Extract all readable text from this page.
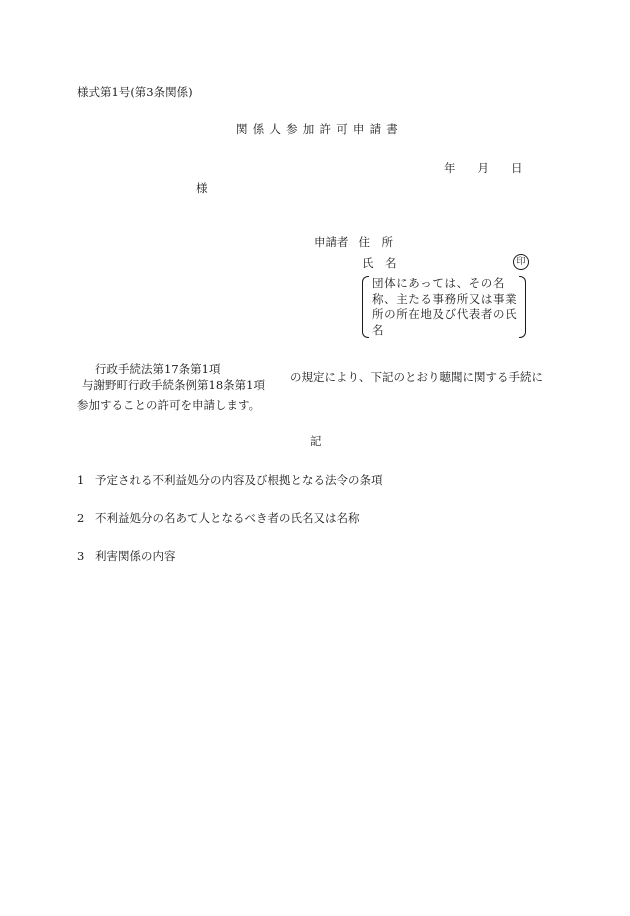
様式第1号(第3条関係)
関係人参加許可申請書
年 月 日
様
申請者 住　所
氏　名	印
団体にあっては、その名称、主たる事務所又は事業所の所在地及び代表者の氏名
行政手続法第17条第1項
与謝野町行政手続条例第18条第1項
の規定により、下記のとおり聴聞に関する手続に
参加することの許可を申請します。
記
1 予定される不利益処分の内容及び根拠となる法令の条項
2 不利益処分の名あて人となるべき者の氏名又は名称
3 利害関係の内容
